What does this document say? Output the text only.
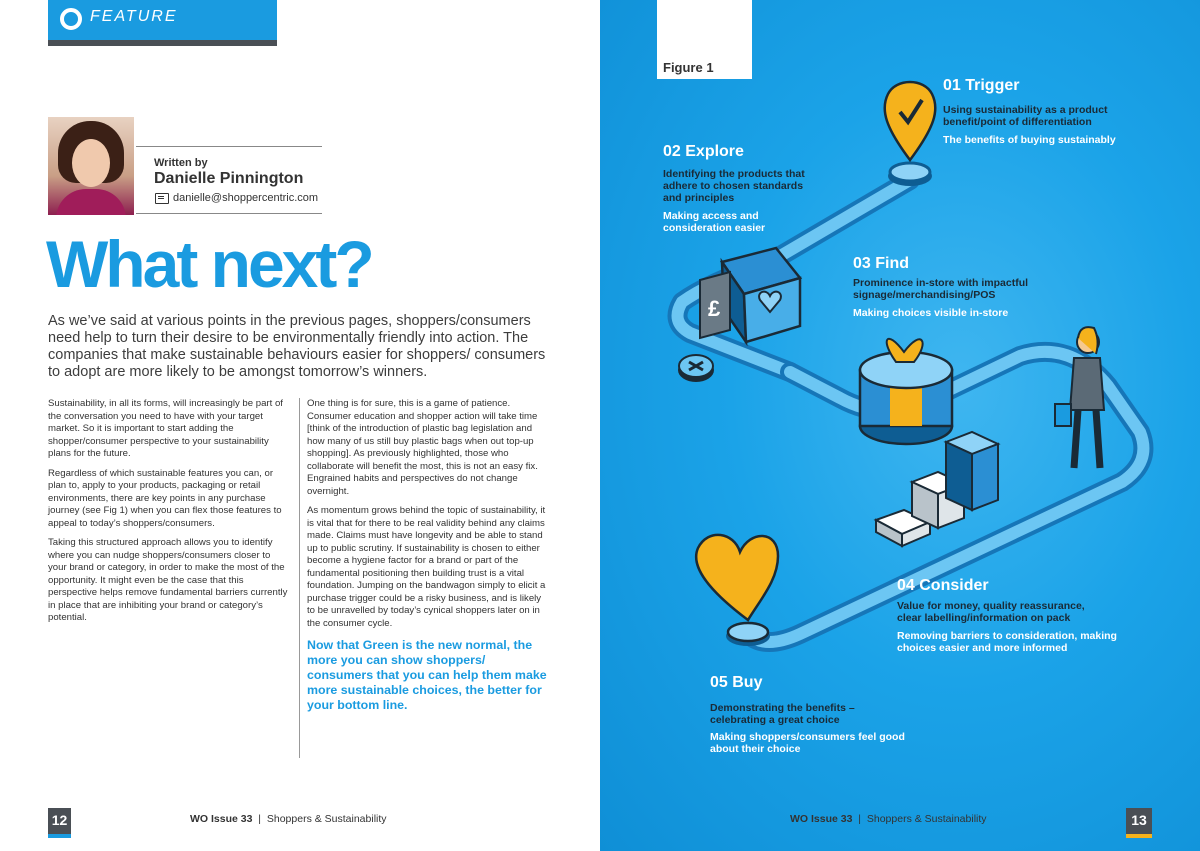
FEATURE
Written by
Danielle Pinnington
danielle@shoppercentric.com
What next?
As we’ve said at various points in the previous pages, shoppers/consumers need help to turn their desire to be environmentally friendly into action. The companies that make sustainable behaviours easier for shoppers/ consumers to adopt are more likely to be amongst tomorrow’s winners.

Sustainability, in all its forms, will increasingly be part of the conversation you need to have with your target market. So it is important to start adding the shopper/consumer perspective to your sustainability plans for the future.

Regardless of which sustainable features you can, or plan to, apply to your products, packaging or retail environments, there are key points in any purchase journey (see Fig 1) when you can flex those features to appeal to today’s shoppers/consumers.

Taking this structured approach allows you to identify where you can nudge shoppers/consumers closer to your brand or category, in order to make the most of the opportunity. It might even be the case that this perspective helps remove fundamental barriers currently in place that are inhibiting your brand or category’s potential.

One thing is for sure, this is a game of patience. Consumer education and shopper action will take time [think of the introduction of plastic bag legislation and how many of us still buy plastic bags when out top-up shopping]. As previously highlighted, those who collaborate will benefit the most, this is not an easy fix. Engrained habits and perspectives do not change overnight.

As momentum grows behind the topic of sustainability, it is vital that for there to be real validity behind any claims made. Claims must have longevity and be able to stand up to public scrutiny. If sustainability is chosen to either become a hygiene factor for a brand or part of the fundamental positioning then building trust is a vital foundation. Jumping on the bandwagon simply to elicit a purchase trigger could be a risky business, and is likely to be unravelled by today’s cynical shoppers later on in the consumer cycle.

Now that Green is the new normal, the more you can show shoppers/ consumers that you can help them make more sustainable choices, the better for your bottom line.

12	WO Issue 33 | Shoppers & Sustainability
Figure 1
£
01 Trigger
Using sustainability as a product benefit/point of differentiation
The benefits of buying sustainably
02 Explore
Identifying the products that adhere to chosen standards and principles
Making access and consideration easier
03 Find
Prominence in-store with impactful signage/merchandising/POS
Making choices visible in-store
04 Consider
Value for money, quality reassurance, clear labelling/information on pack
Removing barriers to consideration, making choices easier and more informed
05 Buy
Demonstrating the benefits – celebrating a great choice
Making shoppers/consumers feel good about their choice
WO Issue 33 | Shoppers & Sustainability	13
